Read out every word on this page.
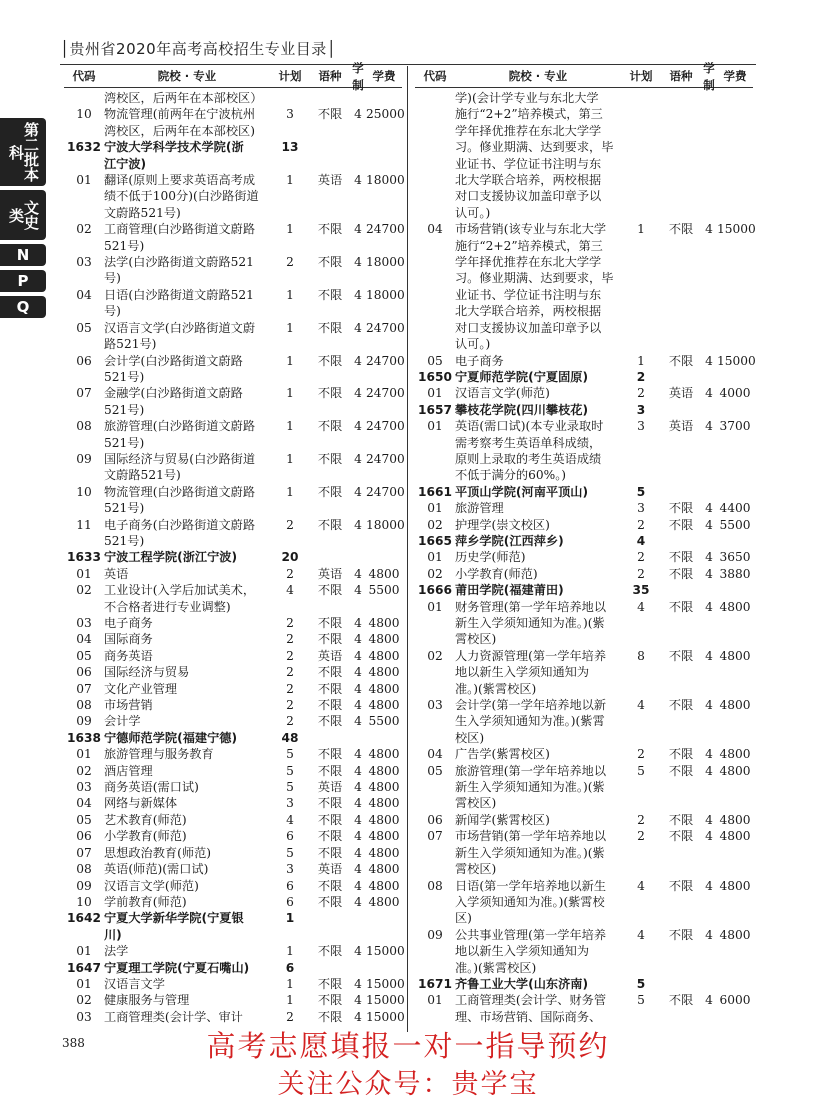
│贵州省2020年高考高校招生专业目录│
第二批本科
文史类
N
P
Q
代码	院校 · 专业	计划	语种
学制
学费
湾校区，后两年在本部校区）
10	物流管理(前两年在宁波杭州
湾校区，后两年在本部校区)
3	不限 4 25000
1632 宁波大学科学技术学院(浙
江宁波)
13
01	翻译(原则上要求英语高考成
绩不低于100分)(白沙路街道
文蔚路521号)
1	英语 4 18000
02	工商管理(白沙路街道文蔚路
521号)
1	不限 4 24700
03	法学(白沙路街道文蔚路521
号)
2	不限 4 18000
04	日语(白沙路街道文蔚路521
号)
1	不限 4 18000
05	汉语言文学(白沙路街道文蔚
路521号)
1	不限 4 24700
06	会计学(白沙路街道文蔚路
521号)
1	不限 4 24700
07	金融学(白沙路街道文蔚路
521号)
1	不限 4 24700
08	旅游管理(白沙路街道文蔚路
521号)
1	不限 4 24700
09	国际经济与贸易(白沙路街道
文蔚路521号)
1	不限 4 24700
10	物流管理(白沙路街道文蔚路
521号)
1	不限 4 24700
11	电子商务(白沙路街道文蔚路
521号)
2	不限 4 18000
1633 宁波工程学院(浙江宁波)	20
01	英语	2	英语 4 4800
02	工业设计(入学后加试美术，
不合格者进行专业调整)
4	不限 4 5500
03	电子商务	2	不限 4 4800
04	国际商务	2	不限 4 4800
05	商务英语	2	英语 4 4800
06	国际经济与贸易	2	不限 4 4800
07	文化产业管理	2	不限 4 4800
08	市场营销	2	不限 4 4800
09	会计学	2	不限 4 5500
1638 宁德师范学院(福建宁德)	48
01	旅游管理与服务教育	5	不限 4 4800
02	酒店管理	5	不限 4 4800
03	商务英语(需口试)	5	英语 4 4800
04	网络与新媒体	3	不限 4 4800
05	艺术教育(师范)	4	不限 4 4800
06	小学教育(师范)	6	不限 4 4800
07	思想政治教育(师范)	5	不限 4 4800
08	英语(师范)(需口试)	3	英语 4 4800
09	汉语言文学(师范)	6	不限 4 4800
10	学前教育(师范)	6	不限 4 4800
1642 宁夏大学新华学院(宁夏银
川)
1
01	法学	1	不限 4 15000
1647 宁夏理工学院(宁夏石嘴山)	6
01	汉语言文学	1	不限 4 15000
02	健康服务与管理	1	不限 4 15000
03	工商管理类(会计学、审计	2	不限 4 15000
代码	院校 · 专业	计划	语种
学制
学费
学)(会计学专业与东北大学
施行“2+2”培养模式，第三
学年择优推荐在东北大学学
习。修业期满、达到要求，毕
业证书、学位证书注明与东
北大学联合培养，两校根据
对口支援协议加盖印章予以
认可。)
04	市场营销(该专业与东北大学
施行“2+2”培养模式，第三
学年择优推荐在东北大学学
习。修业期满、达到要求，毕
业证书、学位证书注明与东
北大学联合培养，两校根据
对口支援协议加盖印章予以
认可。)
1	不限 4 15000
05	电子商务	1	不限 4 15000
1650 宁夏师范学院(宁夏固原)	2
01	汉语言文学(师范)	2	英语 4 4000
1657 攀枝花学院(四川攀枝花)	3
01	英语(需口试)(本专业录取时
需考察考生英语单科成绩，
原则上录取的考生英语成绩
不低于满分的60%。)
3	英语 4 3700
1661 平顶山学院(河南平顶山)	5
01	旅游管理	3	不限 4 4400
02	护理学(崇文校区)	2	不限 4 5500
1665 萍乡学院(江西萍乡)	4
01	历史学(师范)	2	不限 4 3650
02	小学教育(师范)	2	不限 4 3880
1666 莆田学院(福建莆田)	35
01	财务管理(第一学年培养地以
新生入学须知通知为准。)(紫
霄校区)
4	不限 4 4800
02	人力资源管理(第一学年培养
地以新生入学须知通知为
准。)(紫霄校区)
8	不限 4 4800
03	会计学(第一学年培养地以新
生入学须知通知为准。)(紫霄
校区)
4	不限 4 4800
04	广告学(紫霄校区)	2	不限 4 4800
05	旅游管理(第一学年培养地以
新生入学须知通知为准。)(紫
霄校区)
5	不限 4 4800
06	新闻学(紫霄校区)	2	不限 4 4800
07	市场营销(第一学年培养地以
新生入学须知通知为准。)(紫
霄校区)
2	不限 4 4800
08	日语(第一学年培养地以新生
入学须知通知为准。)(紫霄校
区)
4	不限 4 4800
09	公共事业管理(第一学年培养
地以新生入学须知通知为
准。)(紫霄校区)
4	不限 4 4800
1671 齐鲁工业大学(山东济南)	5
01	工商管理类(会计学、财务管
理、市场营销、国际商务、
5	不限 4 6000
388	高考志愿填报一对一指导预约
关注公众号：贵学宝
